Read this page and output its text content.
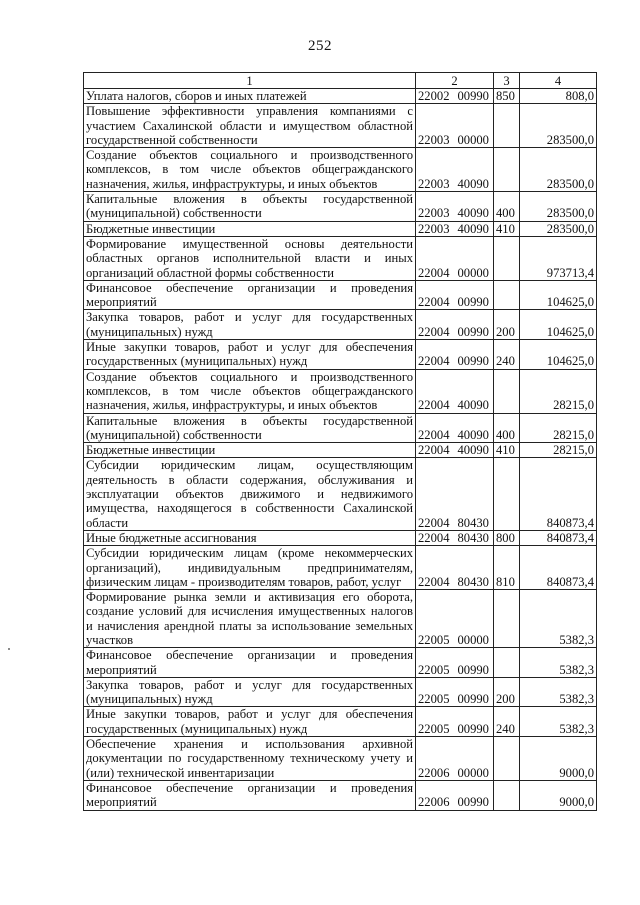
252
1	2	3	4
Уплата налогов, сборов и иных платежей	22002 00990	850	808,0
Повышение эффективности управления компаниями с участием Сахалинской области и имуществом областной государственной собственности	22003 00000		283500,0
Создание объектов социального и производственного комплексов, в том числе объектов общегражданского назначения, жилья, инфраструктуры, и иных объектов	22003 40090		283500,0
Капитальные вложения в объекты государственной (муниципальной) собственности	22003 40090	400	283500,0
Бюджетные инвестиции	22003 40090	410	283500,0
Формирование имущественной основы деятельности областных органов исполнительной власти и иных организаций областной формы собственности	22004 00000		973713,4
Финансовое обеспечение организации и проведения мероприятий	22004 00990		104625,0
Закупка товаров, работ и услуг для государственных (муниципальных) нужд	22004 00990	200	104625,0
Иные закупки товаров, работ и услуг для обеспечения государственных (муниципальных) нужд	22004 00990	240	104625,0
Создание объектов социального и производственного комплексов, в том числе объектов общегражданского назначения, жилья, инфраструктуры, и иных объектов	22004 40090		28215,0
Капитальные вложения в объекты государственной (муниципальной) собственности	22004 40090	400	28215,0
Бюджетные инвестиции	22004 40090	410	28215,0
Субсидии юридическим лицам, осуществляющим деятельность в области содержания, обслуживания и эксплуатации объектов движимого и недвижимого имущества, находящегося в собственности Сахалинской области	22004 80430		840873,4
Иные бюджетные ассигнования	22004 80430	800	840873,4
Субсидии юридическим лицам (кроме некоммерческих организаций), индивидуальным предпринимателям, физическим лицам - производителям товаров, работ, услуг	22004 80430	810	840873,4
Формирование рынка земли и активизация его оборота, создание условий для исчисления имущественных налогов и начисления арендной платы за использование земельных участков	22005 00000		5382,3
Финансовое обеспечение организации и проведения мероприятий	22005 00990		5382,3
Закупка товаров, работ и услуг для государственных (муниципальных) нужд	22005 00990	200	5382,3
Иные закупки товаров, работ и услуг для обеспечения государственных (муниципальных) нужд	22005 00990	240	5382,3
Обеспечение хранения и использования архивной документации по государственному техническому учету и (или) технической инвентаризации	22006 00000		9000,0
Финансовое обеспечение организации и проведения мероприятий	22006 00990		9000,0
